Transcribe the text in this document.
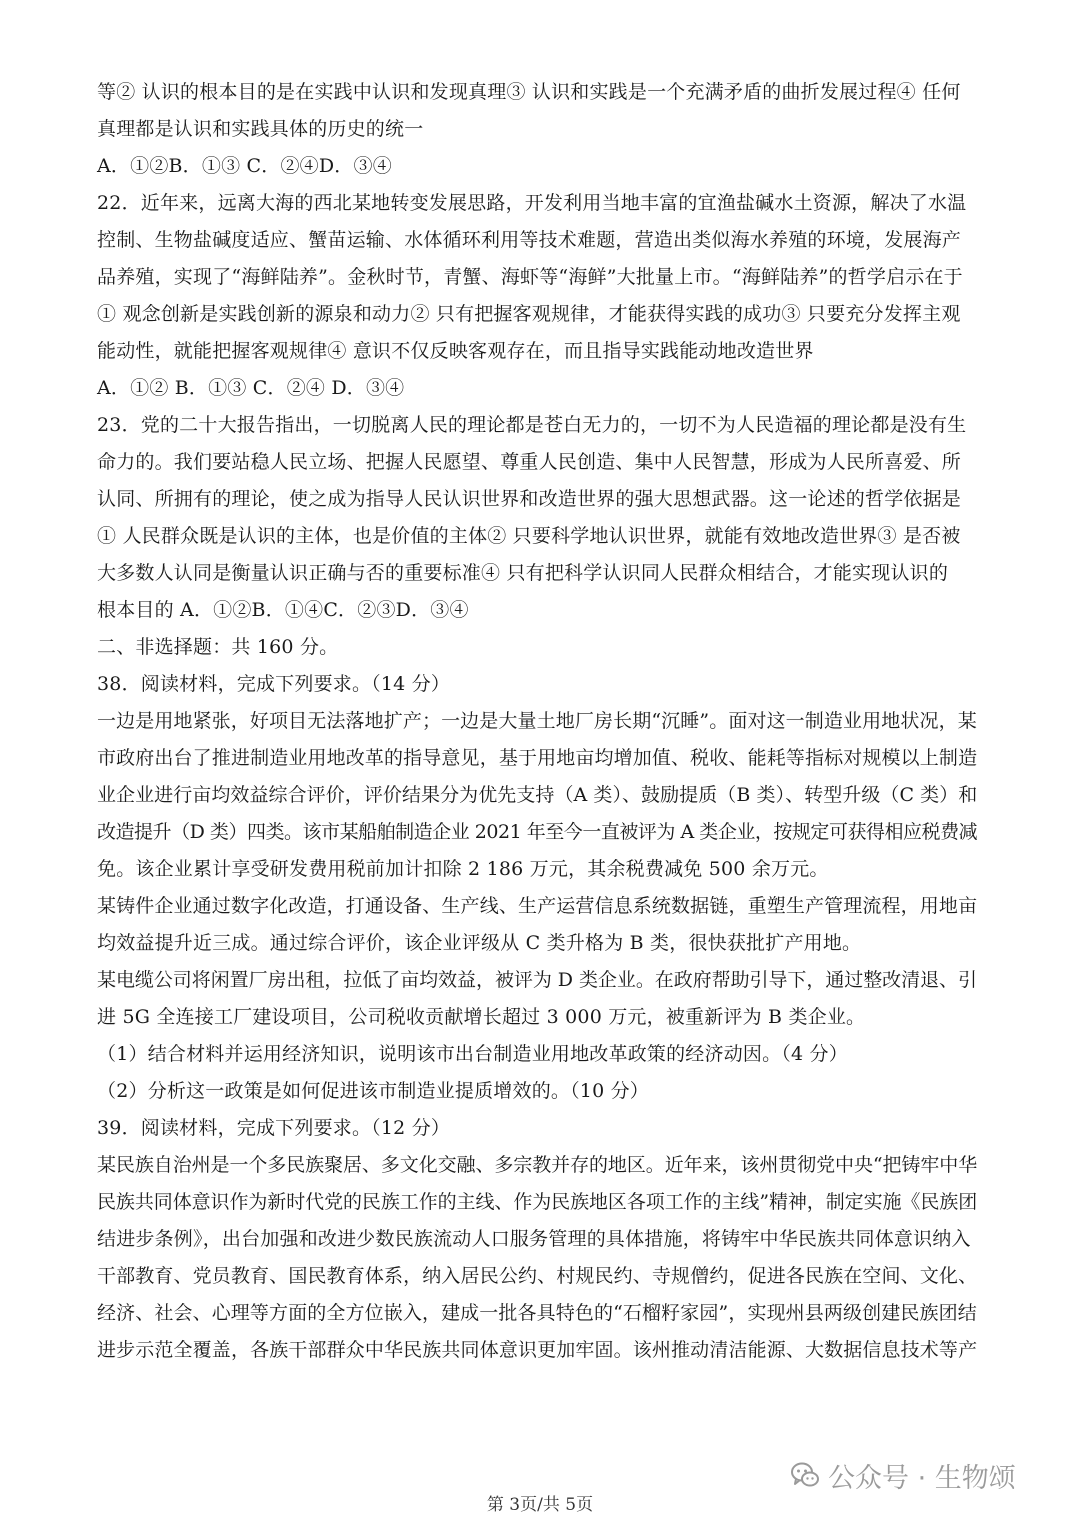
等② 认识的根本目的是在实践中认识和发现真理③ 认识和实践是一个充满矛盾的曲折发展过程④ 任何
真理都是认识和实践具体的历史的统一
A．①②B．①③ C．②④D．③④
22．近年来，远离大海的西北某地转变发展思路，开发利用当地丰富的宜渔盐碱水土资源，解决了水温
控制、生物盐碱度适应、蟹苗运输、水体循环利用等技术难题，营造出类似海水养殖的环境，发展海产
品养殖，实现了“海鲜陆养”。金秋时节，青蟹、海虾等“海鲜”大批量上市。“海鲜陆养”的哲学启示在于
① 观念创新是实践创新的源泉和动力② 只有把握客观规律，才能获得实践的成功③ 只要充分发挥主观
能动性，就能把握客观规律④ 意识不仅反映客观存在，而且指导实践能动地改造世界
A．①② B．①③ C．②④ D．③④
23．党的二十大报告指出，一切脱离人民的理论都是苍白无力的，一切不为人民造福的理论都是没有生
命力的。我们要站稳人民立场、把握人民愿望、尊重人民创造、集中人民智慧，形成为人民所喜爱、所
认同、所拥有的理论，使之成为指导人民认识世界和改造世界的强大思想武器。这一论述的哲学依据是
① 人民群众既是认识的主体，也是价值的主体② 只要科学地认识世界，就能有效地改造世界③ 是否被
大多数人认同是衡量认识正确与否的重要标准④ 只有把科学认识同人民群众相结合，才能实现认识的
根本目的 A．①②B．①④C．②③D．③④
二、非选择题：共 160 分。
38．阅读材料，完成下列要求。（14 分）
一边是用地紧张，好项目无法落地扩产；一边是大量土地厂房长期“沉睡”。面对这一制造业用地状况，某
市政府出台了推进制造业用地改革的指导意见，基于用地亩均增加值、税收、能耗等指标对规模以上制造
业企业进行亩均效益综合评价，评价结果分为优先支持（A 类）、鼓励提质（B 类）、转型升级（C 类）和
改造提升（D 类）四类。该市某船舶制造企业 2021 年至今一直被评为 A 类企业，按规定可获得相应税费减
免。该企业累计享受研发费用税前加计扣除 2 186 万元，其余税费减免 500 余万元。
某铸件企业通过数字化改造，打通设备、生产线、生产运营信息系统数据链，重塑生产管理流程，用地亩
均效益提升近三成。通过综合评价，该企业评级从 C 类升格为 B 类，很快获批扩产用地。
某电缆公司将闲置厂房出租，拉低了亩均效益，被评为 D 类企业。在政府帮助引导下，通过整改清退、引
进 5G 全连接工厂建设项目，公司税收贡献增长超过 3 000 万元，被重新评为 B 类企业。
（1）结合材料并运用经济知识，说明该市出台制造业用地改革政策的经济动因。（4 分）
（2）分析这一政策是如何促进该市制造业提质增效的。（10 分）
39．阅读材料，完成下列要求。（12 分）
某民族自治州是一个多民族聚居、多文化交融、多宗教并存的地区。近年来，该州贯彻党中央“把铸牢中华
民族共同体意识作为新时代党的民族工作的主线、作为民族地区各项工作的主线”精神，制定实施《民族团
结进步条例》，出台加强和改进少数民族流动人口服务管理的具体措施，将铸牢中华民族共同体意识纳入
干部教育、党员教育、国民教育体系，纳入居民公约、村规民约、寺规僧约，促进各民族在空间、文化、
经济、社会、心理等方面的全方位嵌入，建成一批各具特色的“石榴籽家园”，实现州县两级创建民族团结
进步示范全覆盖，各族干部群众中华民族共同体意识更加牢固。该州推动清洁能源、大数据信息技术等产
公众号 · 生物颂
第 3页/共 5页
